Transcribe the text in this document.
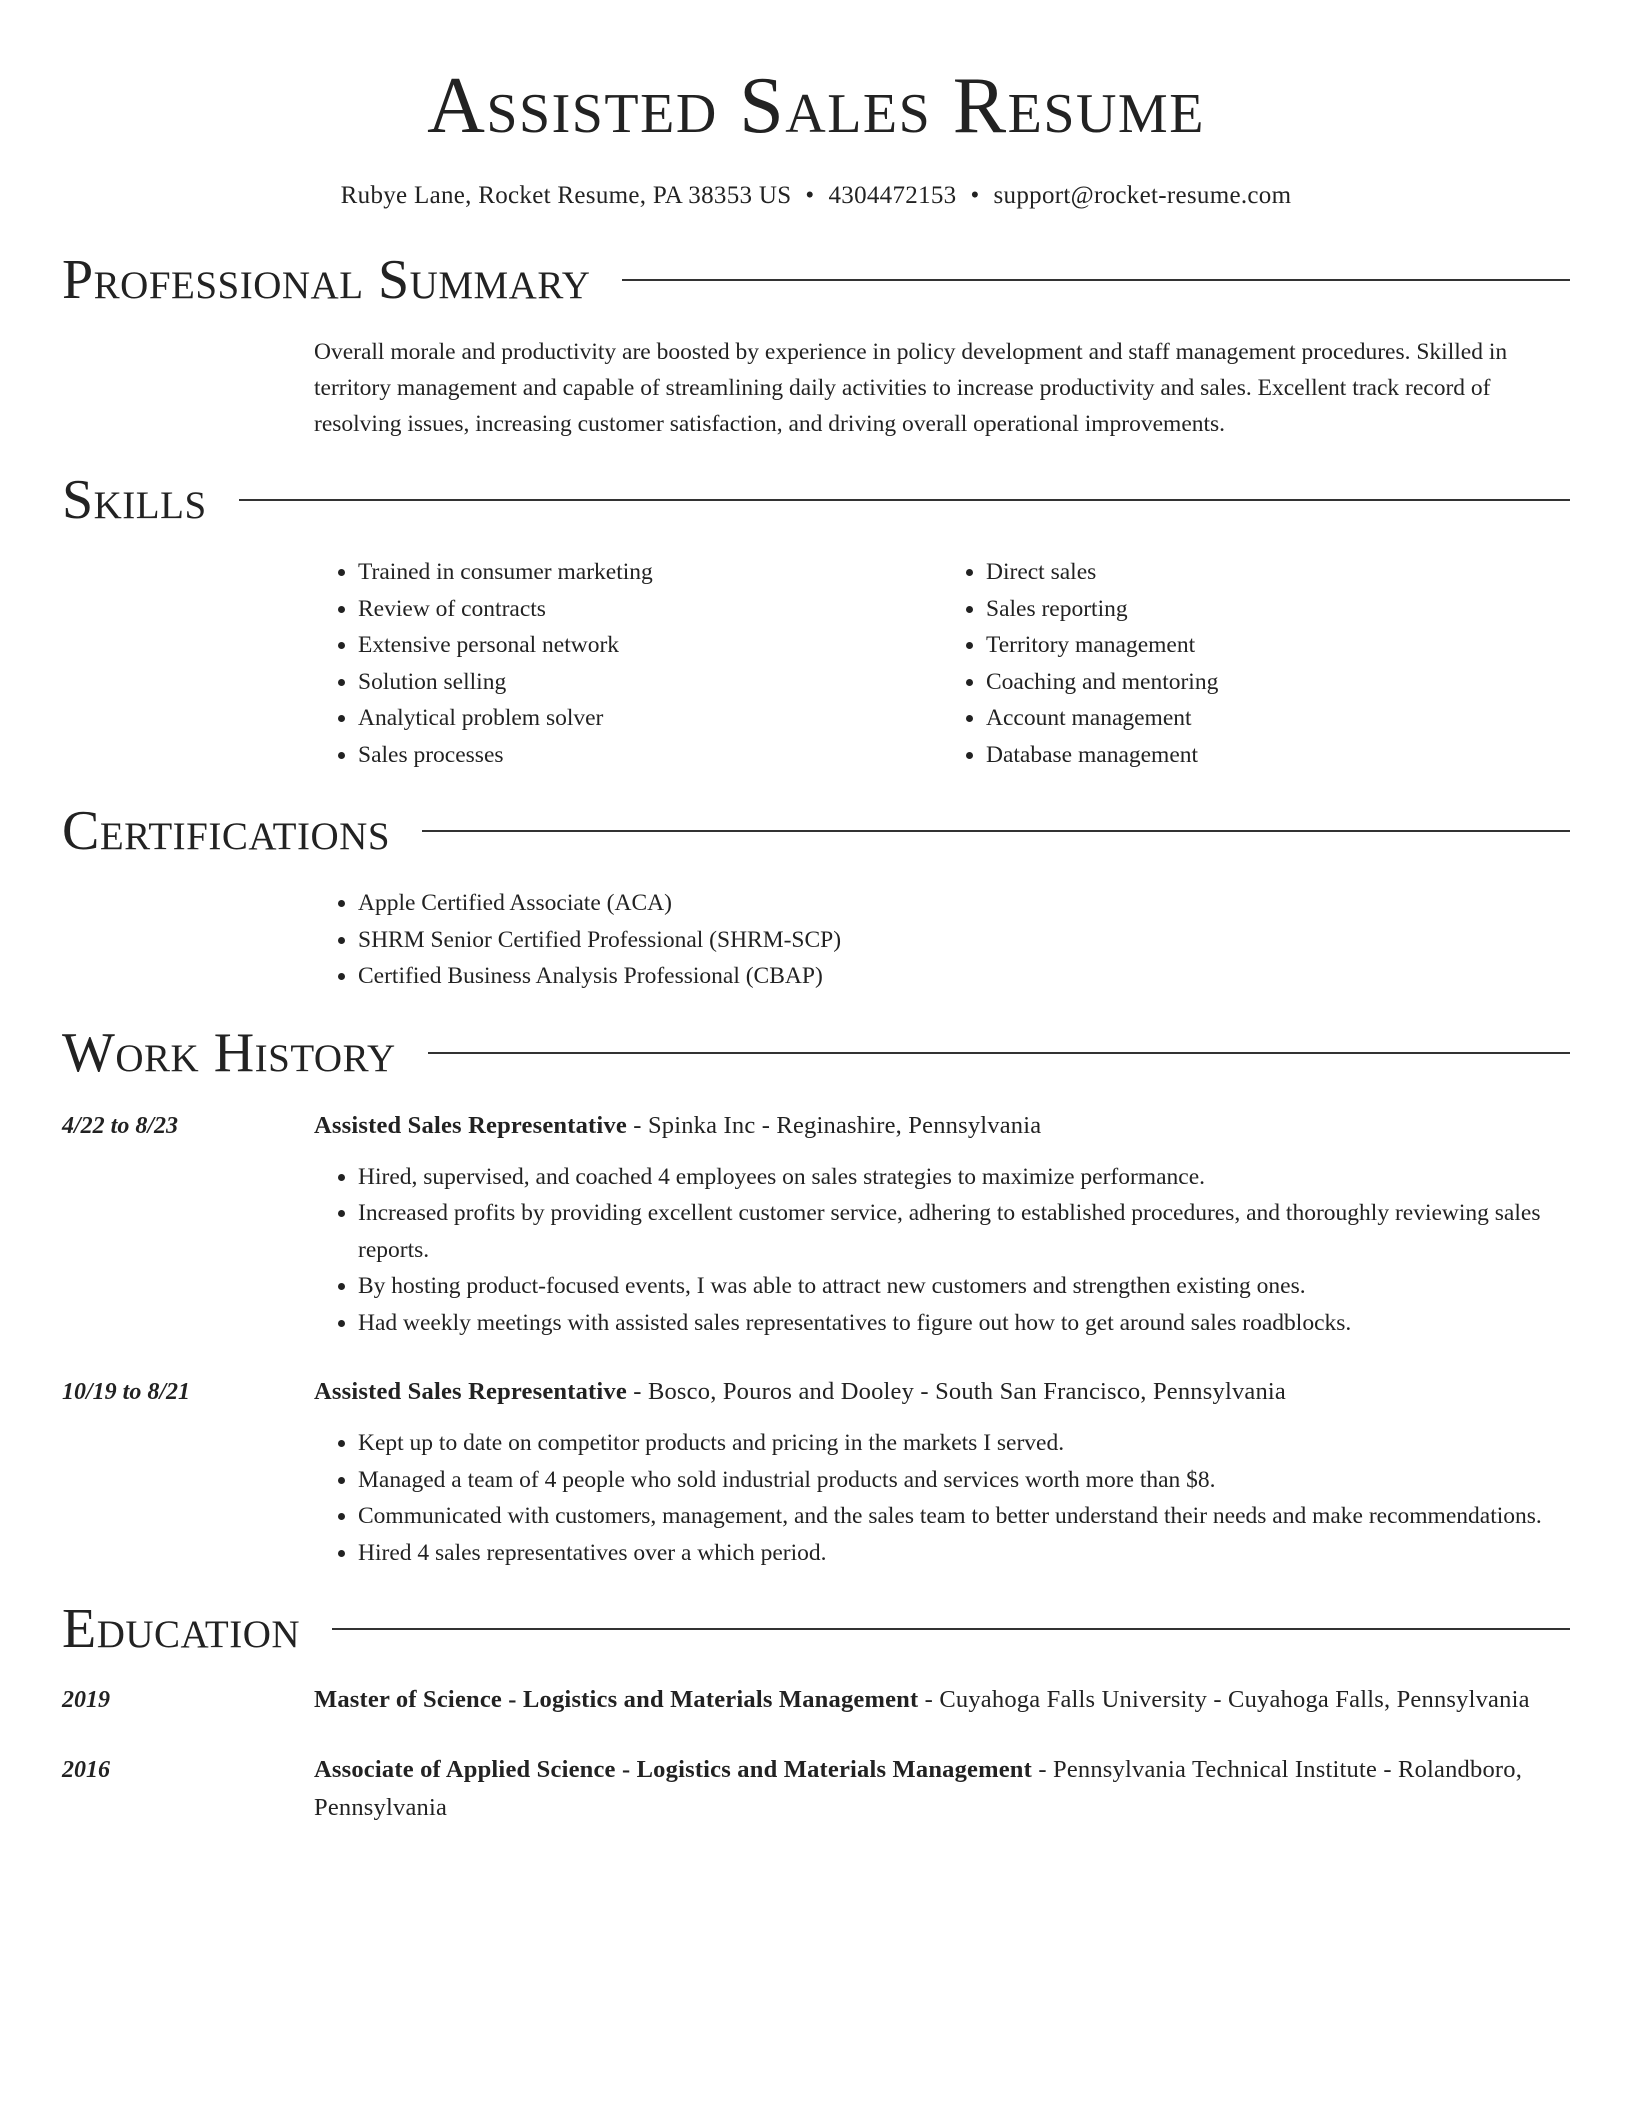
Assisted Sales Resume
Rubye Lane, Rocket Resume, PA 38353 US • 4304472153 • support@rocket-resume.com
Professional Summary
Overall morale and productivity are boosted by experience in policy development and staff management procedures. Skilled in territory management and capable of streamlining daily activities to increase productivity and sales. Excellent track record of resolving issues, increasing customer satisfaction, and driving overall operational improvements.
Skills
• Trained in consumer marketing
• Review of contracts
• Extensive personal network
• Solution selling
• Analytical problem solver
• Sales processes
• Direct sales
• Sales reporting
• Territory management
• Coaching and mentoring
• Account management
• Database management
Certifications
• Apple Certified Associate (ACA)
• SHRM Senior Certified Professional (SHRM-SCP)
• Certified Business Analysis Professional (CBAP)
Work History
4/22 to 8/23	Assisted Sales Representative - Spinka Inc - Reginashire, Pennsylvania
• Hired, supervised, and coached 4 employees on sales strategies to maximize performance.
• Increased profits by providing excellent customer service, adhering to established procedures, and thoroughly reviewing sales reports.
• By hosting product-focused events, I was able to attract new customers and strengthen existing ones.
• Had weekly meetings with assisted sales representatives to figure out how to get around sales roadblocks.
10/19 to 8/21	Assisted Sales Representative - Bosco, Pouros and Dooley - South San Francisco, Pennsylvania
• Kept up to date on competitor products and pricing in the markets I served.
• Managed a team of 4 people who sold industrial products and services worth more than $8.
• Communicated with customers, management, and the sales team to better understand their needs and make recommendations.
• Hired 4 sales representatives over a which period.
Education
2019	Master of Science - Logistics and Materials Management - Cuyahoga Falls University - Cuyahoga Falls, Pennsylvania
2016	Associate of Applied Science - Logistics and Materials Management - Pennsylvania Technical Institute - Rolandboro, Pennsylvania
